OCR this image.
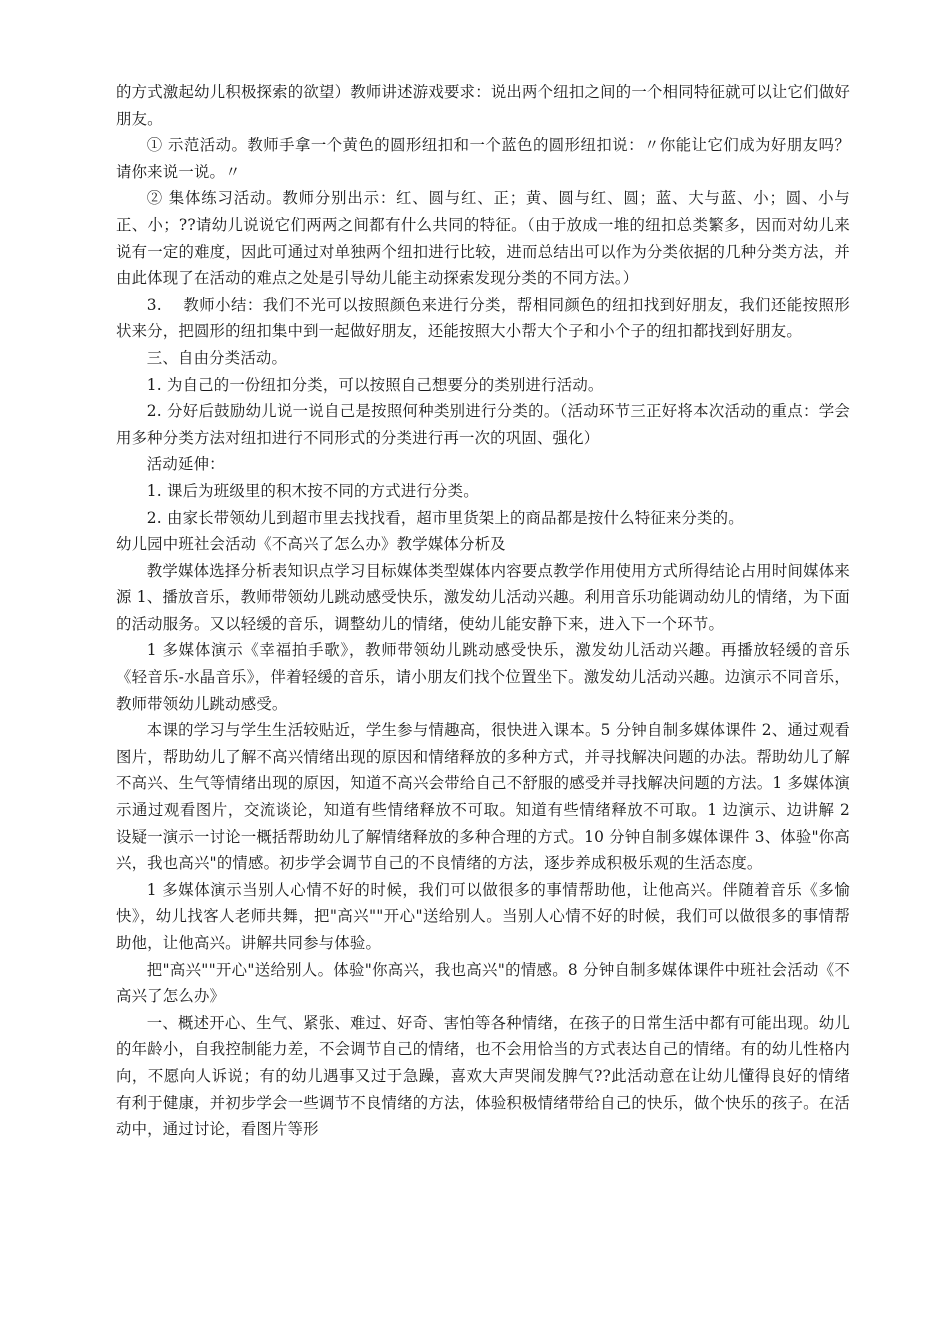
的方式激起幼儿积极探索的欲望）教师讲述游戏要求：说出两个纽扣之间的一个相同特征就可以让它们做好朋友。

① 示范活动。教师手拿一个黄色的圆形纽扣和一个蓝色的圆形纽扣说：〃你能让它们成为好朋友吗？请你来说一说。〃

② 集体练习活动。教师分别出示：红、圆与红、正；黄、圆与红、圆；蓝、大与蓝、小；圆、小与正、小；??请幼儿说说它们两两之间都有什么共同的特征。（由于放成一堆的纽扣总类繁多，因而对幼儿来说有一定的难度，因此可通过对单独两个纽扣进行比较，进而总结出可以作为分类依据的几种分类方法，并由此体现了在活动的难点之处是引导幼儿能主动探索发现分类的不同方法。）

3.　 教师小结：我们不光可以按照颜色来进行分类，帮相同颜色的纽扣找到好朋友，我们还能按照形状来分，把圆形的纽扣集中到一起做好朋友，还能按照大小帮大个子和小个子的纽扣都找到好朋友。

三、自由分类活动。

1. 为自己的一份纽扣分类，可以按照自己想要分的类别进行活动。

2. 分好后鼓励幼儿说一说自己是按照何种类别进行分类的。（活动环节三正好将本次活动的重点：学会用多种分类方法对纽扣进行不同形式的分类进行再一次的巩固、强化）

活动延伸：

1. 课后为班级里的积木按不同的方式进行分类。

2. 由家长带领幼儿到超市里去找找看，超市里货架上的商品都是按什么特征来分类的。

幼儿园中班社会活动《不高兴了怎么办》教学媒体分析及

教学媒体选择分析表知识点学习目标媒体类型媒体内容要点教学作用使用方式所得结论占用时间媒体来源 1、播放音乐，教师带领幼儿跳动感受快乐，激发幼儿活动兴趣。利用音乐功能调动幼儿的情绪，为下面的活动服务。又以轻缓的音乐，调整幼儿的情绪，使幼儿能安静下来，进入下一个环节。

1 多媒体演示《幸福拍手歌》，教师带领幼儿跳动感受快乐，激发幼儿活动兴趣。再播放轻缓的音乐《轻音乐-水晶音乐》，伴着轻缓的音乐，请小朋友们找个位置坐下。激发幼儿活动兴趣。边演示不同音乐，教师带领幼儿跳动感受。

本课的学习与学生生活较贴近，学生参与情趣高，很快进入课本。5 分钟自制多媒体课件 2、通过观看图片，帮助幼儿了解不高兴情绪出现的原因和情绪释放的多种方式，并寻找解决问题的办法。帮助幼儿了解不高兴、生气等情绪出现的原因，知道不高兴会带给自己不舒服的感受并寻找解决问题的方法。1 多媒体演示通过观看图片，交流谈论，知道有些情绪释放不可取。知道有些情绪释放不可取。1 边演示、边讲解 2 设疑一演示一讨论一概括帮助幼儿了解情绪释放的多种合理的方式。10 分钟自制多媒体课件 3、体验"你高兴，我也高兴"的情感。初步学会调节自己的不良情绪的方法，逐步养成积极乐观的生活态度。

1 多媒体演示当别人心情不好的时候，我们可以做很多的事情帮助他，让他高兴。伴随着音乐《多愉快》，幼儿找客人老师共舞，把"高兴""开心"送给别人。当别人心情不好的时候，我们可以做很多的事情帮助他，让他高兴。讲解共同参与体验。

把"高兴""开心"送给别人。体验"你高兴，我也高兴"的情感。8 分钟自制多媒体课件中班社会活动《不高兴了怎么办》

一、概述开心、生气、紧张、难过、好奇、害怕等各种情绪，在孩子的日常生活中都有可能出现。幼儿的年龄小，自我控制能力差，不会调节自己的情绪，也不会用恰当的方式表达自己的情绪。有的幼儿性格内向，不愿向人诉说；有的幼儿遇事又过于急躁，喜欢大声哭闹发脾气??此活动意在让幼儿懂得良好的情绪有利于健康，并初步学会一些调节不良情绪的方法，体验积极情绪带给自己的快乐，做个快乐的孩子。在活动中，通过讨论，看图片等形
